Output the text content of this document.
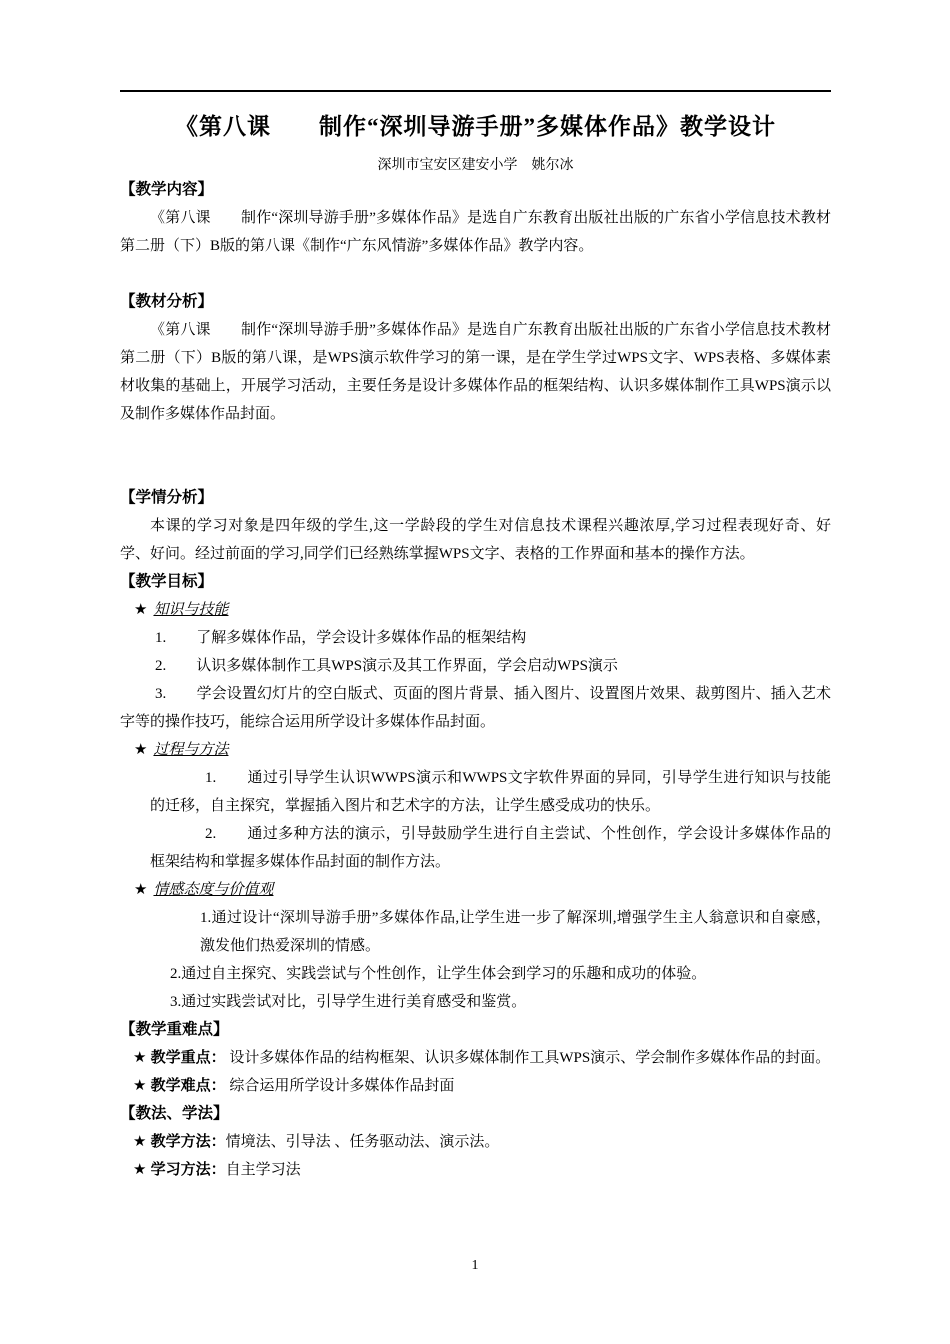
《第八课　　制作“深圳导游手册”多媒体作品》教学设计
深圳市宝安区建安小学　姚尔冰
【教学内容】

《第八课　　制作“深圳导游手册”多媒体作品》是选自广东教育出版社出版的广东省小学信息技术教材第二册（下）B版的第八课《制作“广东风情游”多媒体作品》教学内容。

【教材分析】

《第八课　　制作“深圳导游手册”多媒体作品》是选自广东教育出版社出版的广东省小学信息技术教材第二册（下）B版的第八课，是WPS演示软件学习的第一课，是在学生学过WPS文字、WPS表格、多媒体素材收集的基础上，开展学习活动，主要任务是设计多媒体作品的框架结构、认识多媒体制作工具WPS演示以及制作多媒体作品封面。

【学情分析】

本课的学习对象是四年级的学生,这一学龄段的学生对信息技术课程兴趣浓厚,学习过程表现好奇、好学、好问。经过前面的学习,同学们已经熟练掌握WPS文字、表格的工作界面和基本的操作方法。

【教学目标】
★ 知识与技能

1.　　了解多媒体作品，学会设计多媒体作品的框架结构

2.　　认识多媒体制作工具WPS演示及其工作界面，学会启动WPS演示

3.　　学会设置幻灯片的空白版式、页面的图片背景、插入图片、设置图片效果、裁剪图片、插入艺术字等的操作技巧，能综合运用所学设计多媒体作品封面。

★ 过程与方法

1.　　通过引导学生认识WWPS演示和WWPS文字软件界面的异同，引导学生进行知识与技能的迁移，自主探究，掌握插入图片和艺术字的方法，让学生感受成功的快乐。

2.　　通过多种方法的演示，引导鼓励学生进行自主尝试、个性创作，学会设计多媒体作品的框架结构和掌握多媒体作品封面的制作方法。

★ 情感态度与价值观

1.通过设计“深圳导游手册”多媒体作品,让学生进一步了解深圳,增强学生主人翁意识和自豪感，激发他们热爱深圳的情感。

2.通过自主探究、实践尝试与个性创作，让学生体会到学习的乐趣和成功的体验。

3.通过实践尝试对比，引导学生进行美育感受和鉴赏。

【教学重难点】

★ 教学重点： 设计多媒体作品的结构框架、认识多媒体制作工具WPS演示、学会制作多媒体作品的封面。

★ 教学难点： 综合运用所学设计多媒体作品封面

【教法、学法】

★ 教学方法：情境法、引导法 、任务驱动法、演示法。

★ 学习方法：自主学习法

1
